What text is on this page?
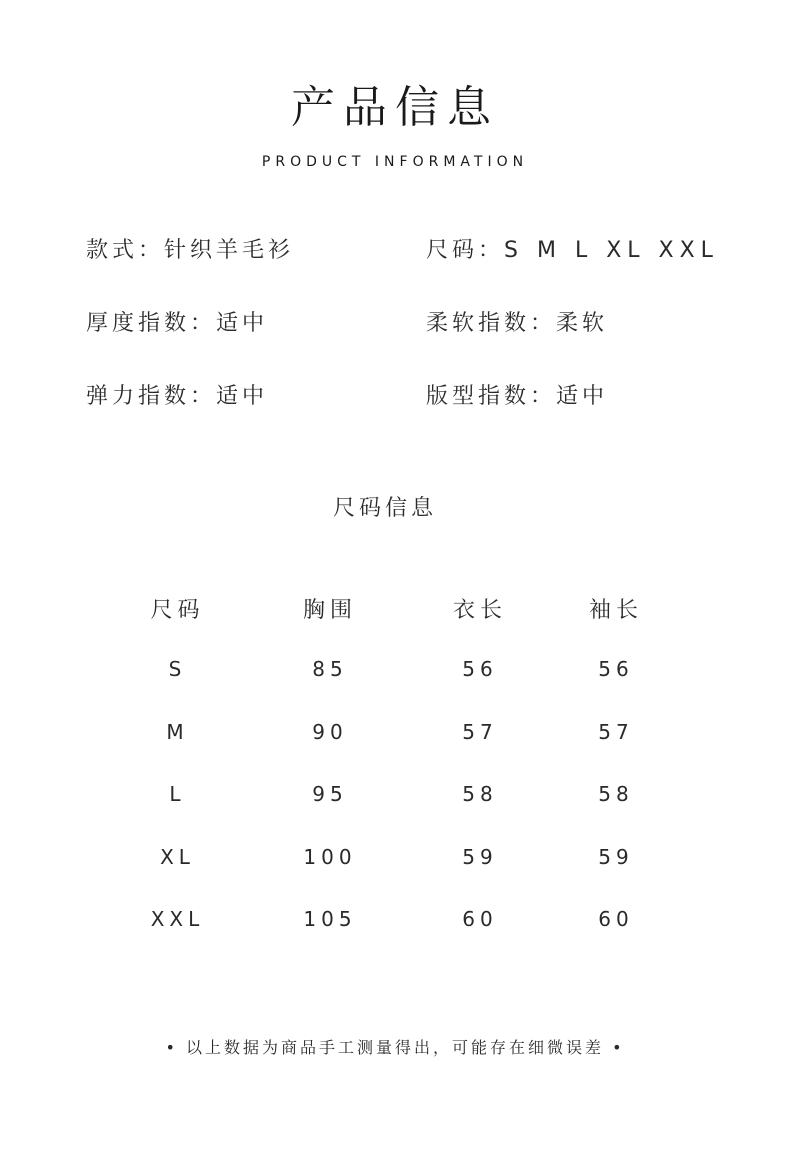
产品信息
PRODUCT INFORMATION
款式：针织羊毛衫	尺码：S M L XL XXL
厚度指数：适中	柔软指数：柔软
弹力指数：适中	版型指数：适中
尺码信息
尺码	胸围	衣长	袖长
S	85	56	56
M	90	57	57
L	95	58	58
XL	100	59	59
XXL	105	60	60
• 以上数据为商品手工测量得出，可能存在细微误差 •
